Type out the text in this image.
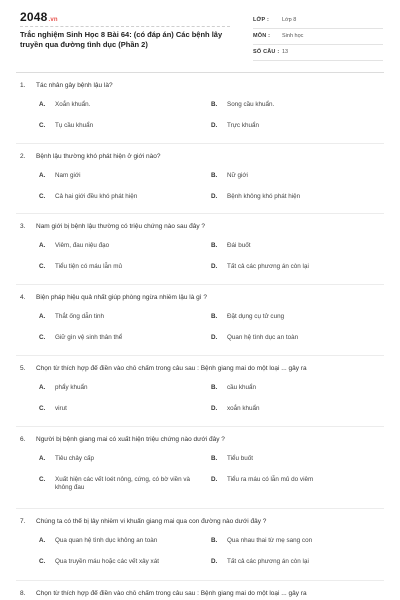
2048.vn
Trắc nghiệm Sinh Học 8 Bài 64: (có đáp án) Các bệnh lây truyền qua đường tình dục (Phần 2)
LỚP : Lớp 8
MÔN : Sinh học
SỐ CÂU : 13
1. Tác nhân gây bệnh lậu là?
A. Xoắn khuẩn.	B. Song cầu khuẩn.
C. Tụ cầu khuẩn	D. Trực khuẩn
2. Bệnh lậu thường khó phát hiện ở giới nào?
A. Nam giới	B. Nữ giới
C. Cả hai giới đều khó phát hiện	D. Bệnh không khó phát hiện
3. Nam giới bị bệnh lậu thường có triệu chứng nào sau đây ?
A. Viêm, đau niệu đạo	B. Đái buốt
C. Tiểu tiện có máu lẫn mủ	D. Tất cả các phương án còn lại
4. Biện pháp hiệu quả nhất giúp phòng ngừa nhiễm lậu là gì ?
A. Thắt ống dẫn tinh	B. Đặt dụng cụ tử cung
C. Giữ gìn vệ sinh thân thể	D. Quan hệ tình dục an toàn
5. Chọn từ thích hợp để điền vào chỗ chấm trong câu sau : Bệnh giang mai do một loại ... gây ra
A. phẩy khuẩn	B. cầu khuẩn
C. virut	D. xoắn khuẩn
6. Người bị bệnh giang mai có xuất hiện triệu chứng nào dưới đây ?
A. Tiêu chảy cấp	B. Tiểu buốt
C. Xuất hiện các vết loét nông, cứng, có bờ viền và không đau
D. Tiểu ra máu có lẫn mủ do viêm
7. Chúng ta có thể bị lây nhiễm vi khuẩn giang mai qua con đường nào dưới đây ?
A. Qua quan hệ tình dục không an toàn	B. Qua nhau thai từ mẹ sang con
C. Qua truyền máu hoặc các vết xây xát	D. Tất cả các phương án còn lại
8. Chọn từ thích hợp để điền vào chỗ chấm trong câu sau : Bệnh giang mai do một loại ... gây ra
